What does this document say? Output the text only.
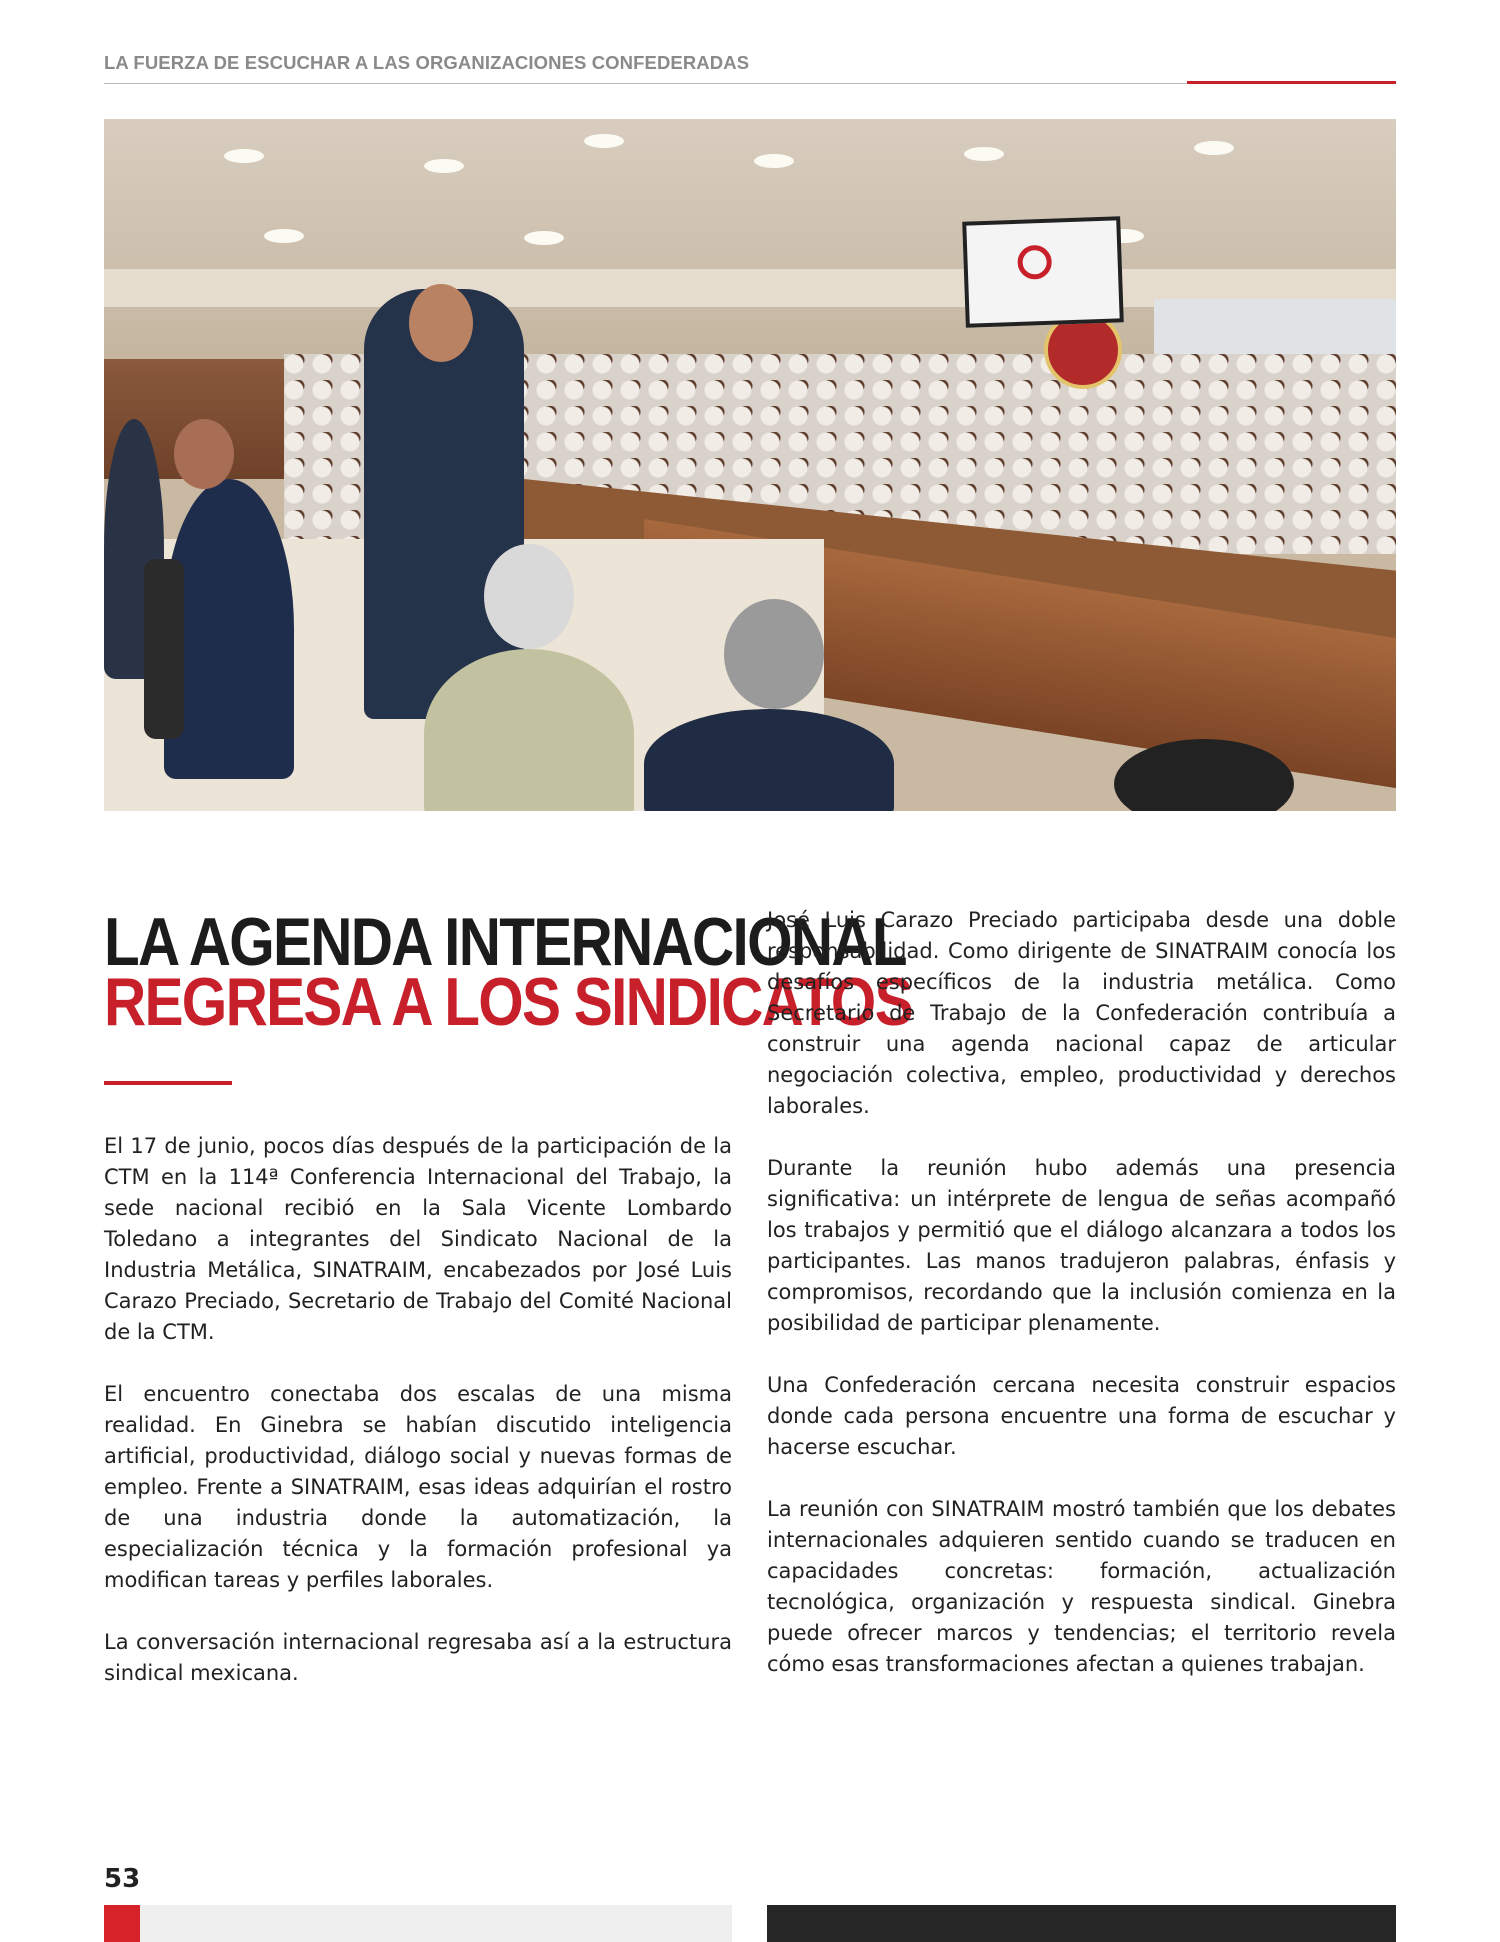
LA FUERZA DE ESCUCHAR A LAS ORGANIZACIONES CONFEDERADAS
LA AGENDA INTERNACIONAL
REGRESA A LOS SINDICATOS

El 17 de junio, pocos días después de la participación de la CTM en la 114ª Conferencia Internacional del Trabajo, la sede nacional recibió en la Sala Vicente Lombardo Toledano a integrantes del Sindicato Nacional de la Industria Metálica, SINATRAIM, encabezados por José Luis Carazo Preciado, Secretario de Trabajo del Comité Nacional de la CTM.

El encuentro conectaba dos escalas de una misma realidad. En Ginebra se habían discutido inteligencia artificial, productividad, diálogo social y nuevas formas de empleo. Frente a SINATRAIM, esas ideas adquirían el rostro de una industria donde la automatización, la especialización técnica y la formación profesional ya modifican tareas y perfiles laborales.

La conversación internacional regresaba así a la estructura sindical mexicana.

José Luis Carazo Preciado participaba desde una doble responsabilidad. Como dirigente de SINATRAIM conocía los desafíos específicos de la industria metálica. Como Secretario de Trabajo de la Confederación contribuía a construir una agenda nacional capaz de articular negociación colectiva, empleo, productividad y derechos laborales.

Durante la reunión hubo además una presencia significativa: un intérprete de lengua de señas acompañó los trabajos y permitió que el diálogo alcanzara a todos los participantes. Las manos tradujeron palabras, énfasis y compromisos, recordando que la inclusión comienza en la posibilidad de participar plenamente.

Una Confederación cercana necesita construir espacios donde cada persona encuentre una forma de escuchar y hacerse escuchar.

La reunión con SINATRAIM mostró también que los debates internacionales adquieren sentido cuando se traducen en capacidades concretas: formación, actualización tecnológica, organización y respuesta sindical. Ginebra puede ofrecer marcos y tendencias; el territorio revela cómo esas transformaciones afectan a quienes trabajan.

53
